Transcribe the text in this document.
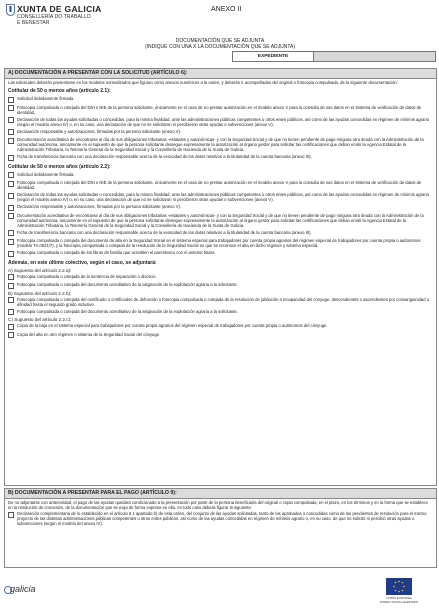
XUNTA DE GALICIA
CONSELLERÍA DO TRABALLO
E BENESTAR
ANEXO II
DOCUMENTACIÓN QUE SE ADJUNTA
(INDIQUE CON UNA X LA DOCUMENTACIÓN QUE SE ADJUNTA)
EXPEDIENTE
A) DOCUMENTACIÓN A PRESENTAR CON LA SOLICITUD (ARTÍCULO 6):
Las solicitudes deberán presentarse en los modelos normalizados que figuran como anexos numéricos a la orden, y deberán ir acompañadas del original o fotocopia compulsada, de la siguiente documentación:
Cotitular de 50 o menos años (artículo 2.1):
Solicitud debidamente firmada.
Fotocopia compulsada o cotejada del DNI o NIE de la persona solicitante, únicamente en el caso de no prestar autorización en el modelo anexo V para la consulta de sus datos en el Sistema de verificación de datos de identidad.
Declaración de todas las ayudas solicitadas o concedidas, para la misma finalidad, ante las administraciones públicas competentes u otros entes públicos, así como de las ayudas concedidas en régimen de mínimis agrario (según el modelo anexo IV) o, en su caso, una declaración de que no se solicitaron ni percibieron otras ayudas o subvenciones (anexo V).
Declaración responsable y autorizaciones, firmadas por la persona solicitante (anexo V).
Documentación acreditativa de encontrarse al día de sus obligaciones tributarias -estatales y autonómicas- y con la Seguridad Social y de que no tienen pendiente de pago ninguna otra deuda con la Administración de la comunidad autónoma, únicamente en el supuesto de que la persona solicitante deniegue expresamente la autorización al órgano gestor para solicitar las certificaciones que deban emitir la Agencia Estatal de la Administración Tributaria, la Tesorería General de la Seguridad Social y la Consellería de Hacienda de la Xunta de Galicia.
Ficha de transferencia bancaria con una declaración responsable acerca de la veracidad de los datos relativos a la titularidad de la cuenta bancaria (anexo III).
Cotitular de 50 o menos años (artículo 2.2):
Solicitud debidamente firmada.
Fotocopia compulsada o cotejada del DNI o NIE de la persona solicitante, únicamente en el caso de no prestar autorización en el modelo anexo V para la consulta de sus datos en el Sistema de verificación de datos de identidad.
Declaración de todas las ayudas solicitadas o concedidas, para la misma finalidad, ante las administraciones públicas competentes u otros entes públicos, así como de las ayudas concedidas en régimen de mínimis agrario (según el modelo anexo IV) o, en su caso, una declaración de que no se solicitaron ni percibieron otras ayudas o subvenciones (anexo V).
Declaración responsable y autorizaciones, firmadas por la persona solicitante (anexo V).
Documentación acreditativa de encontrarse al día de sus obligaciones tributarias -estatales y autonómicas- y con la Seguridad Social y de que no tienen pendiente de pago ninguna otra deuda con la Administración de la comunidad autónoma, únicamente en el supuesto de que la persona solicitante deniegue expresamente la autorización al órgano gestor para solicitar las certificaciones que deban emitir la Agencia Estatal de la Administración Tributaria, la Tesorería General de la Seguridad Social y la Consellería de Hacienda de la Xunta de Galicia.
Ficha de transferencia bancaria con una declaración responsable acerca de la veracidad de los datos relativos a la titularidad de la cuenta bancaria (anexo III).
Fotocopia compulsada o cotejada del documento de alta en la Seguridad Social en el sistema especial para trabajadores por cuenta propia agrarios del régimen especial de trabajadores por cuenta propia o autónomos (modelo TA.0521/7), y la fotocopia compulsada o cotejada de la resolución de la Seguridad Social en que se reconoce el alta en dicho régimen y sistema especial.
Fotocopia compulsada o cotejada de los libros de familia que acrediten el parentesco con el anterior titular.
Además, en este último colectivo, según el caso, se adjuntará:
A) Supuesto del artículo 2.2.a):
Fotocopia compulsada o cotejada de la sentencia de separación o divorcio.
Fotocopia compulsada o cotejada del documento acreditativo de la asignación de la explotación agraria a la solicitante.
B) Supuesto del artículo 2.2.b):
Fotocopia compulsada o cotejada del certificado o certificados de defunción o fotocopia compulsada o cotejada de la resolución de jubilación o incapacidad del cónyuge, descendientes o ascendientes por consanguinidad o afinidad hasta el segundo grado inclusive.
Fotocopia compulsada o cotejada del documento acreditativo de la asignación de la explotación agraria a la solicitante.
C) Supuesto del artículo 2.2.c):
Copia de la baja en el sistema especial para trabajadores por cuenta propia agrarios del régimen especial de trabajadores por cuenta propia o autónomos del cónyuge.
Copia del alta en otro régimen o sistema de la Seguridad Social del cónyuge.
B) DOCUMENTACIÓN A PRESENTAR PARA EL PAGO (ARTÍCULO 9):
De no adjuntarse con anterioridad, el pago de las ayudas quedará condicionado a la presentación por parte de la persona beneficiaria del original o copia compulsada, en el plazo, en los términos y en la forma que se establece en la resolución de concesión, de la documentación que se exija de forma expresa en ella, en todo caso deberá figurar la siguiente:
Declaración complementaria de lo establecido en el artículo 6.1 apartado b) de esta orden, del conjunto de las ayudas solicitadas, tanto de las aprobadas o concedidas como de las pendientes de resolución para el mismo proyecto de las distintas administraciones públicas competentes u otros entes públicos, así como de las ayudas concedidas en régimen de mínimis agrario o, en su caso, de que no solicitó ni percibió otras ayudas o subvenciones (según el modelo del anexo IV).
galicia
UNIÓN EUROPEA
FONDO SOCIAL EUROPEO
